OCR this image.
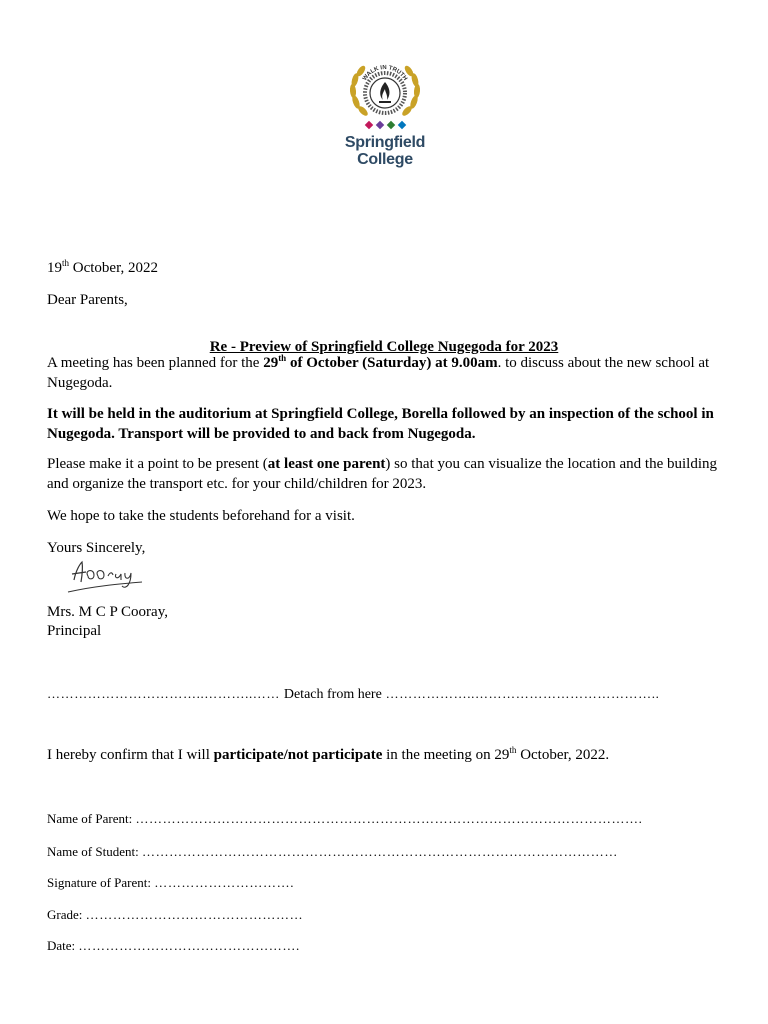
WALK IN TRUTH
Springfield
College

19th October, 2022

Dear Parents,

Re - Preview of Springfield College Nugegoda for 2023

A meeting has been planned for the 29th of October (Saturday) at 9.00am. to discuss about the new school at Nugegoda.

It will be held in the auditorium at Springfield College, Borella followed by an inspection of the school in Nugegoda. Transport will be provided to and back from Nugegoda.

Please make it a point to be present (at least one parent) so that you can visualize the location and the building and organize the transport etc. for your child/children for 2023.

We hope to take the students beforehand for a visit.

Yours Sincerely,

ACooray

Mrs. M C P Cooray,

Principal

……………………………..………..…… Detach from here ………………..…………………………………..

I hereby confirm that I will participate/not participate in the meeting on 29th October, 2022.

Name of Parent: ………………………………………………………………………………………………….
Name of Student: ……………………………………………………………………………………………
Signature of Parent: ………………………….
Grade: …………………………………………
Date: ………………………………………….
